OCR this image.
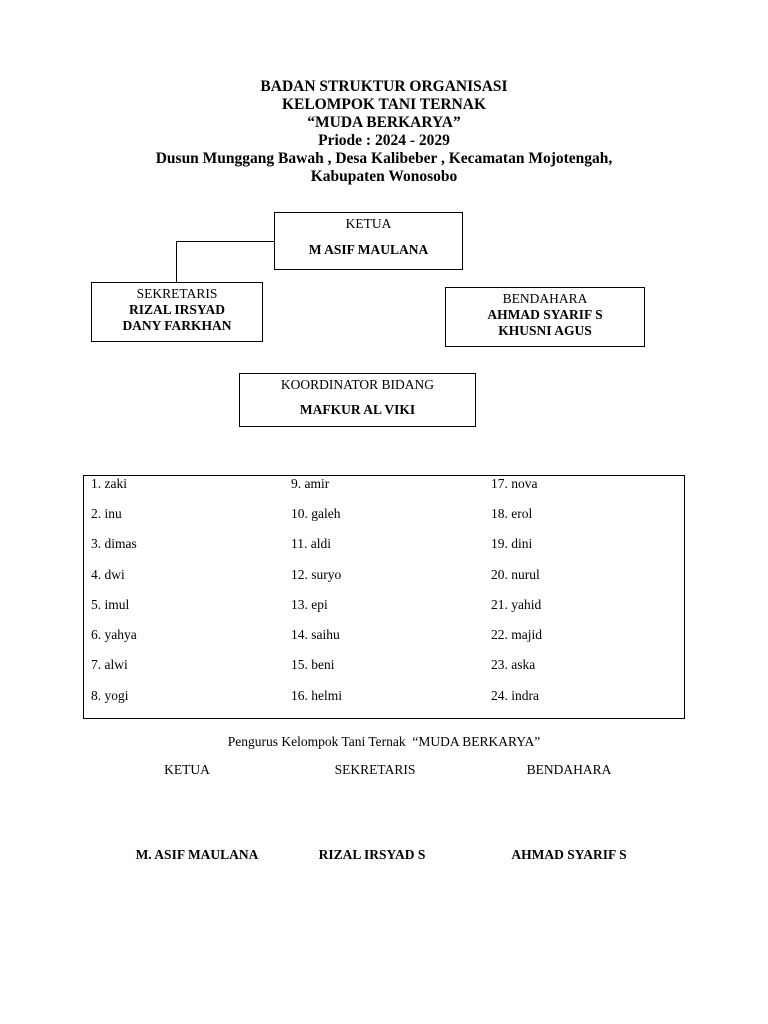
BADAN STRUKTUR ORGANISASI
KELOMPOK TANI TERNAK
“MUDA BERKARYA”
Priode : 2024 - 2029
Dusun Munggang Bawah , Desa Kalibeber , Kecamatan Mojotengah,
Kabupaten Wonosobo
KETUA
M ASIF MAULANA
SEKRETARIS
RIZAL IRSYAD
DANY FARKHAN
BENDAHARA
AHMAD SYARIF S
KHUSNI AGUS
KOORDINATOR BIDANG
MAFKUR AL VIKI
1. zaki
2. inu
3. dimas
4. dwi
5. imul
6. yahya
7. alwi
8. yogi
9. amir
10. galeh
11. aldi
12. suryo
13. epi
14. saihu
15. beni
16. helmi
17. nova
18. erol
19. dini
20. nurul
21. yahid
22. majid
23. aska
24. indra
Pengurus Kelompok Tani Ternak  “MUDA BERKARYA”
KETUA	SEKRETARIS	BENDAHARA
M. ASIF MAULANA	RIZAL IRSYAD S	AHMAD SYARIF S
